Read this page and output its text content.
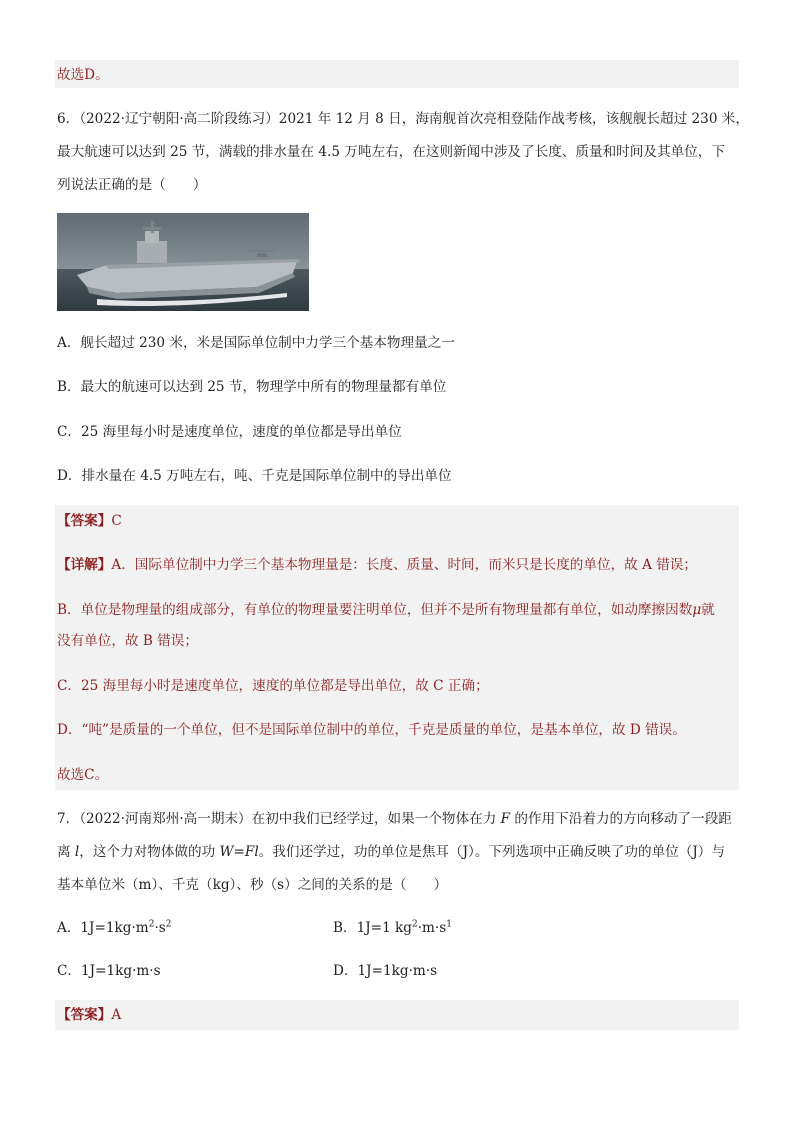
故选D。
6．（2022·辽宁朝阳·高二阶段练习）2021 年 12 月 8 日，海南舰首次亮相登陆作战考核，该舰舰长超过 230 米，
最大航速可以达到 25 节，满载的排水量在 4.5 万吨左右，在这则新闻中涉及了长度、质量和时间及其单位，下
列说法正确的是（　　）
A．舰长超过 230 米，米是国际单位制中力学三个基本物理量之一
B．最大的航速可以达到 25 节，物理学中所有的物理量都有单位
C．25 海里每小时是速度单位，速度的单位都是导出单位
D．排水量在 4.5 万吨左右，吨、千克是国际单位制中的导出单位
【答案】C
【详解】A．国际单位制中力学三个基本物理量是：长度、质量、时间，而米只是长度的单位，故 A 错误；
B．单位是物理量的组成部分，有单位的物理量要注明单位，但并不是所有物理量都有单位，如动摩擦因数μ就
没有单位，故 B 错误；
C．25 海里每小时是速度单位，速度的单位都是导出单位，故 C 正确；
D．“吨”是质量的一个单位，但不是国际单位制中的单位，千克是质量的单位，是基本单位，故 D 错误。
故选C。
7．（2022·河南郑州·高一期末）在初中我们已经学过，如果一个物体在力 F 的作用下沿着力的方向移动了一段距
离 l，这个力对物体做的功 W=Fl。我们还学过，功的单位是焦耳（J）。下列选项中正确反映了功的单位（J）与
基本单位米（m）、千克（kg）、秒（s）之间的关系的是（　　）
A．$1J=1kg\cdot m^2\cdot s^2$	B．1J=1 $kg^2\cdot m\cdot s^1$
C．1J=1kg·m·s	D．1J=1kg·m·s
【答案】A
